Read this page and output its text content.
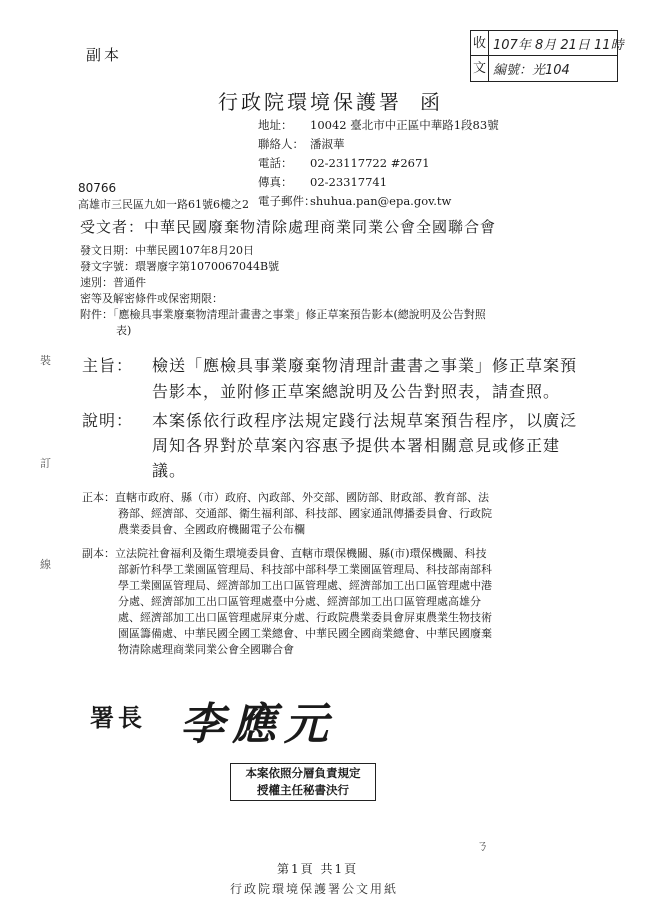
副本
收 107年 8月 21日 11時
文 編號：光104
行政院環境保護署 函
地址： 10042 臺北市中正區中華路1段83號
聯絡人： 潘淑華
電話： 02-23117722 #2671
傳真： 02-23317741
電子郵件：shuhua.pan@epa.gov.tw
80766
高雄市三民區九如一路61號6樓之2
受文者：中華民國廢棄物清除處理商業同業公會全國聯合會
發文日期：中華民國107年8月20日
發文字號：環署廢字第1070067044B號
速別：普通件
密等及解密條件或保密期限：
附件：「應檢具事業廢棄物清理計畫書之事業」修正草案預告影本(總說明及公告對照
表)
裝
訂
線
主旨： 檢送「應檢具事業廢棄物清理計畫書之事業」修正草案預
告影本，並附修正草案總說明及公告對照表，請查照。
說明： 本案係依行政程序法規定踐行法規草案預告程序，以廣泛
周知各界對於草案內容惠予提供本署相關意見或修正建
議。
正本：直轄市政府、縣（市）政府、內政部、外交部、國防部、財政部、教育部、法
務部、經濟部、交通部、衛生福利部、科技部、國家通訊傳播委員會、行政院
農業委員會、全國政府機關電子公布欄
副本：立法院社會福利及衛生環境委員會、直轄市環保機關、縣(市)環保機關、科技
部新竹科學工業園區管理局、科技部中部科學工業園區管理局、科技部南部科
學工業園區管理局、經濟部加工出口區管理處、經濟部加工出口區管理處中港
分處、經濟部加工出口區管理處臺中分處、經濟部加工出口區管理處高雄分
處、經濟部加工出口區管理處屏東分處、行政院農業委員會屏東農業生物技術
園區籌備處、中華民國全國工業總會、中華民國全國商業總會、中華民國廢棄
物清除處理商業同業公會全國聯合會
署長 李應元
本案依照分層負責規定
授權主任秘書決行
ㄋ
第1頁 共1頁
行政院環境保護署公文用紙
